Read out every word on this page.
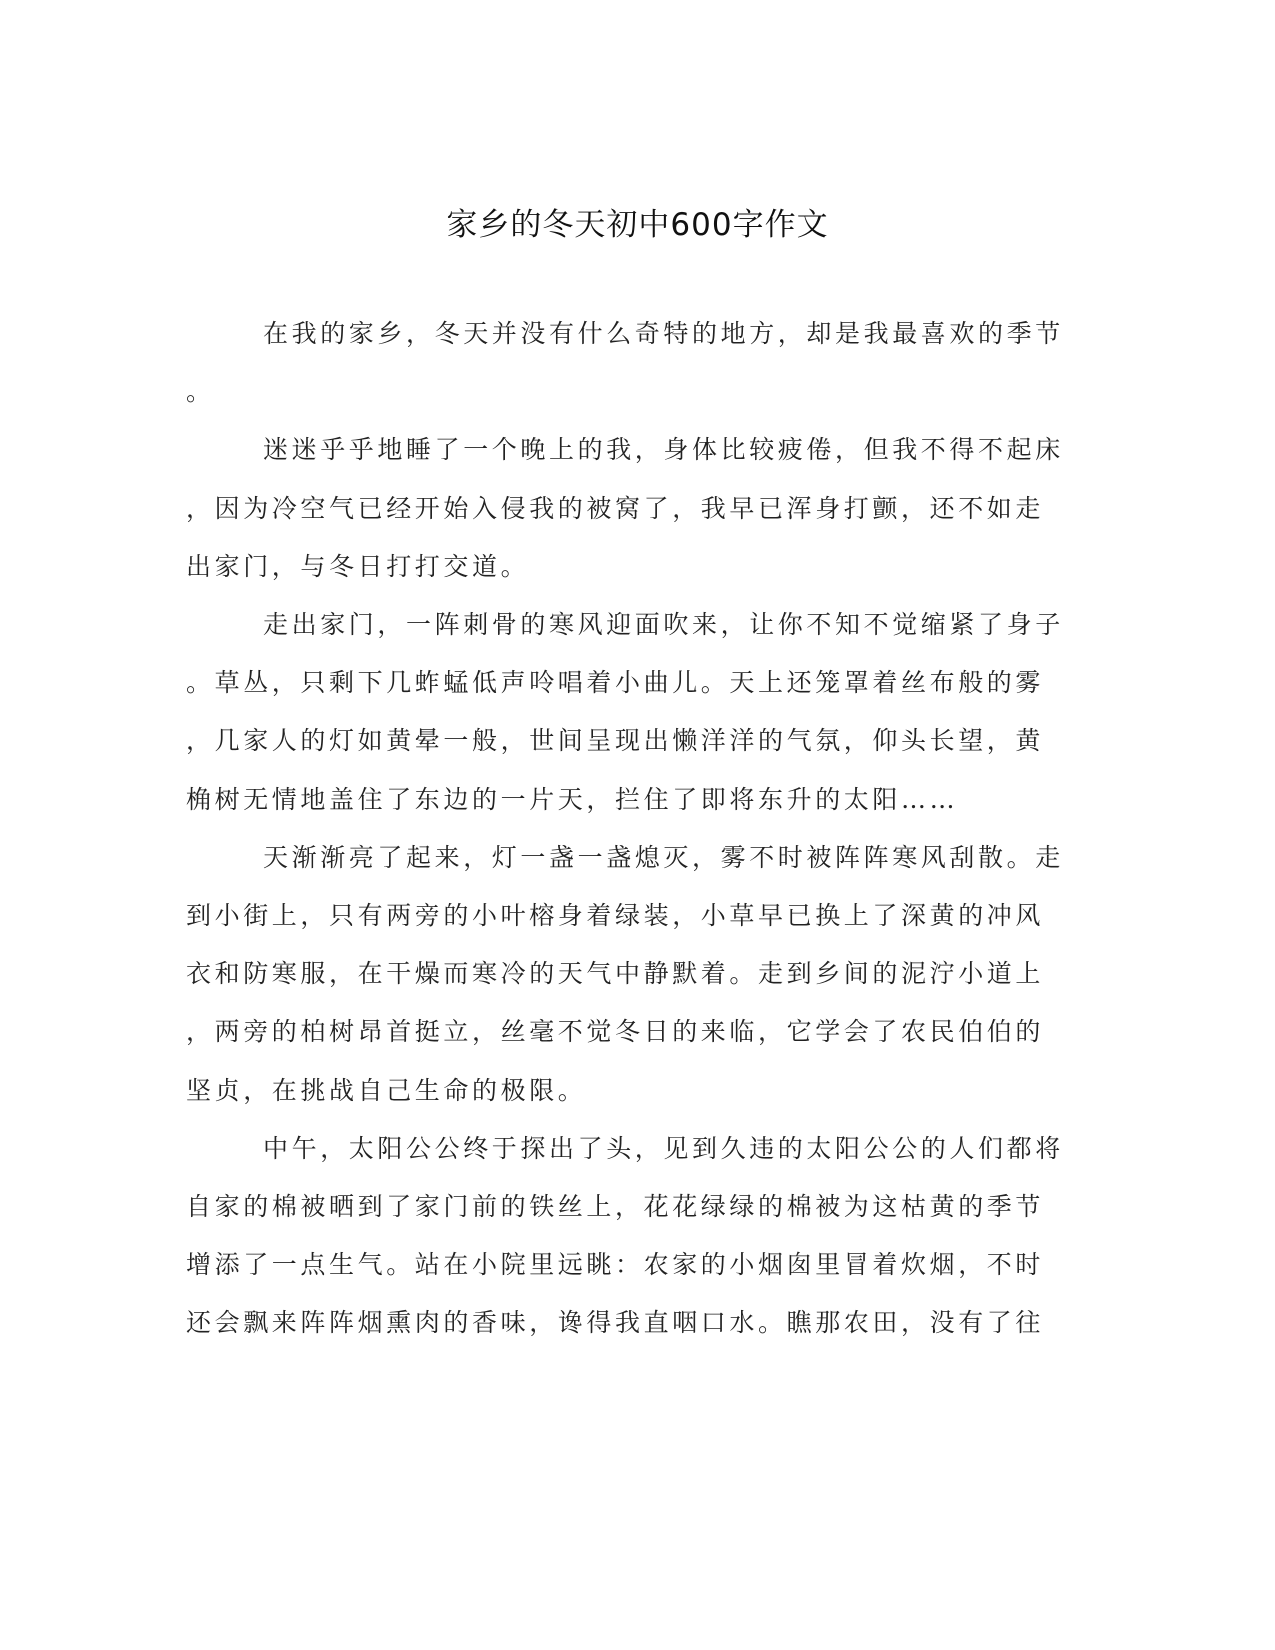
家乡的冬天初中600字作文
在我的家乡，冬天并没有什么奇特的地方，却是我最喜欢的季节
。
迷迷乎乎地睡了一个晚上的我，身体比较疲倦，但我不得不起床
，因为冷空气已经开始入侵我的被窝了，我早已浑身打颤，还不如走
出家门，与冬日打打交道。
走出家门，一阵刺骨的寒风迎面吹来，让你不知不觉缩紧了身子
。草丛，只剩下几蚱蜢低声呤唱着小曲儿。天上还笼罩着丝布般的雾
，几家人的灯如黄晕一般，世间呈现出懒洋洋的气氛，仰头长望，黄
桷树无情地盖住了东边的一片天，拦住了即将东升的太阳……
天渐渐亮了起来，灯一盏一盏熄灭，雾不时被阵阵寒风刮散。走
到小街上，只有两旁的小叶榕身着绿装，小草早已换上了深黄的冲风
衣和防寒服，在干燥而寒冷的天气中静默着。走到乡间的泥泞小道上
，两旁的柏树昂首挺立，丝毫不觉冬日的来临，它学会了农民伯伯的
坚贞，在挑战自己生命的极限。
中午，太阳公公终于探出了头，见到久违的太阳公公的人们都将
自家的棉被晒到了家门前的铁丝上，花花绿绿的棉被为这枯黄的季节
增添了一点生气。站在小院里远眺：农家的小烟囱里冒着炊烟，不时
还会飘来阵阵烟熏肉的香味，谗得我直咽口水。瞧那农田，没有了往
